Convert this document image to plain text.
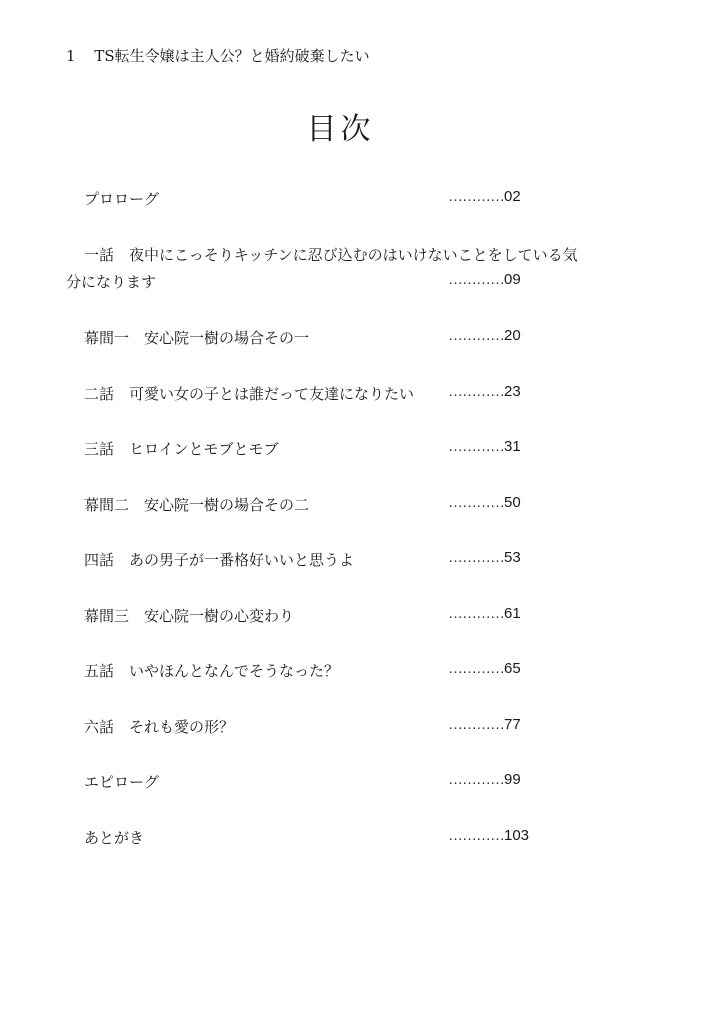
1 TS転生令嬢は主人公？と婚約破棄したい
目次
プロローグ	…………02
一話　夜中にこっそりキッチンに忍び込むのはいけないことをしている気
分になります	…………09
幕間一　安心院一樹の場合その一	…………20
二話　可愛い女の子とは誰だって友達になりたい …………23
三話　ヒロインとモブとモブ	…………31
幕間二　安心院一樹の場合その二	…………50
四話　あの男子が一番格好いいと思うよ	…………53
幕間三　安心院一樹の心変わり	…………61
五話　いやほんとなんでそうなった？	…………65
六話　それも愛の形？	…………77
エピローグ	…………99
あとがき	…………103
